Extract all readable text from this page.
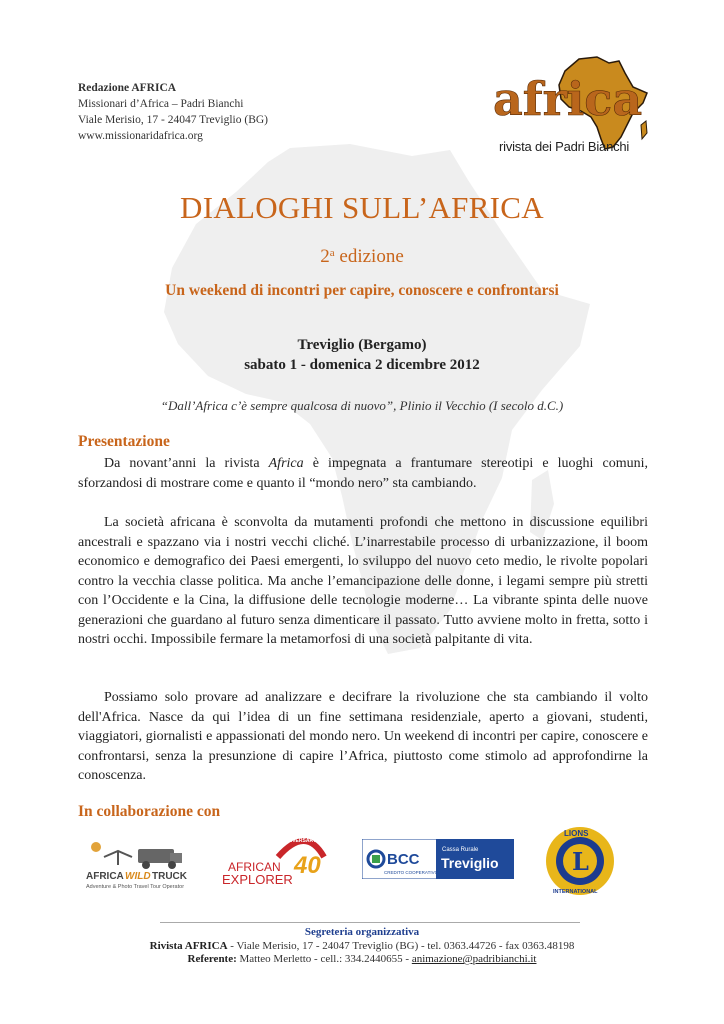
Redazione AFRICA
Missionari d’Africa – Padri Bianchi
Viale Merisio, 17 - 24047 Treviglio (BG)
www.missionaridafrica.org
africa
rivista dei Padri Bianchi
DIALOGHI SULL’AFRICA
2$^a$ edizione
Un weekend di incontri per capire, conoscere e confrontarsi
Treviglio (Bergamo)
sabato 1 - domenica 2 dicembre 2012
“Dall’Africa c’è sempre qualcosa di nuovo”, Plinio il Vecchio (I secolo d.C.)
Presentazione
Da novant’anni la rivista Africa è impegnata a frantumare stereotipi e luoghi comuni, sforzandosi di mostrare come e quanto il “mondo nero” sta cambiando.
La società africana è sconvolta da mutamenti profondi che mettono in discussione equilibri ancestrali e spazzano via i nostri vecchi cliché. L’inarrestabile processo di urbanizzazione, il boom economico e demografico dei Paesi emergenti, lo sviluppo del nuovo ceto medio, le rivolte popolari contro la vecchia classe politica. Ma anche l’emancipazione delle donne, i legami sempre più stretti con l’Occidente e la Cina, la diffusione delle tecnologie moderne… La vibrante spinta delle nuove generazioni che guardano al futuro senza dimenticare il passato. Tutto avviene molto in fretta, sotto i nostri occhi. Impossibile fermare la metamorfosi di una società palpitante di vita.
Possiamo solo provare ad analizzare e decifrare la rivoluzione che sta cambiando il volto dell'Africa. Nasce da qui l’idea di un fine settimana residenziale, aperto a giovani, studenti, viaggiatori, giornalisti e appassionati del mondo nero. Un weekend di incontri per capire, conoscere e confrontarsi, senza la presunzione di capire l’Africa, piuttosto come stimolo ad approfondirne la conoscenza.
In collaborazione con
AFRICA WILD TRUCK
Adventure & Photo Travel Tour Operator
ANNIVERSARY
40
AFRICAN
EXPLORER
BCC
CREDITO COOPERATIVO
Cassa Rurale
Treviglio	L
LIONS
INTERNATIONAL
Segreteria organizzativa
Rivista AFRICA - Viale Merisio, 17 - 24047 Treviglio (BG) - tel. 0363.44726 - fax 0363.48198
Referente: Matteo Merletto - cell.: 334.2440655 - animazione@padribianchi.it
